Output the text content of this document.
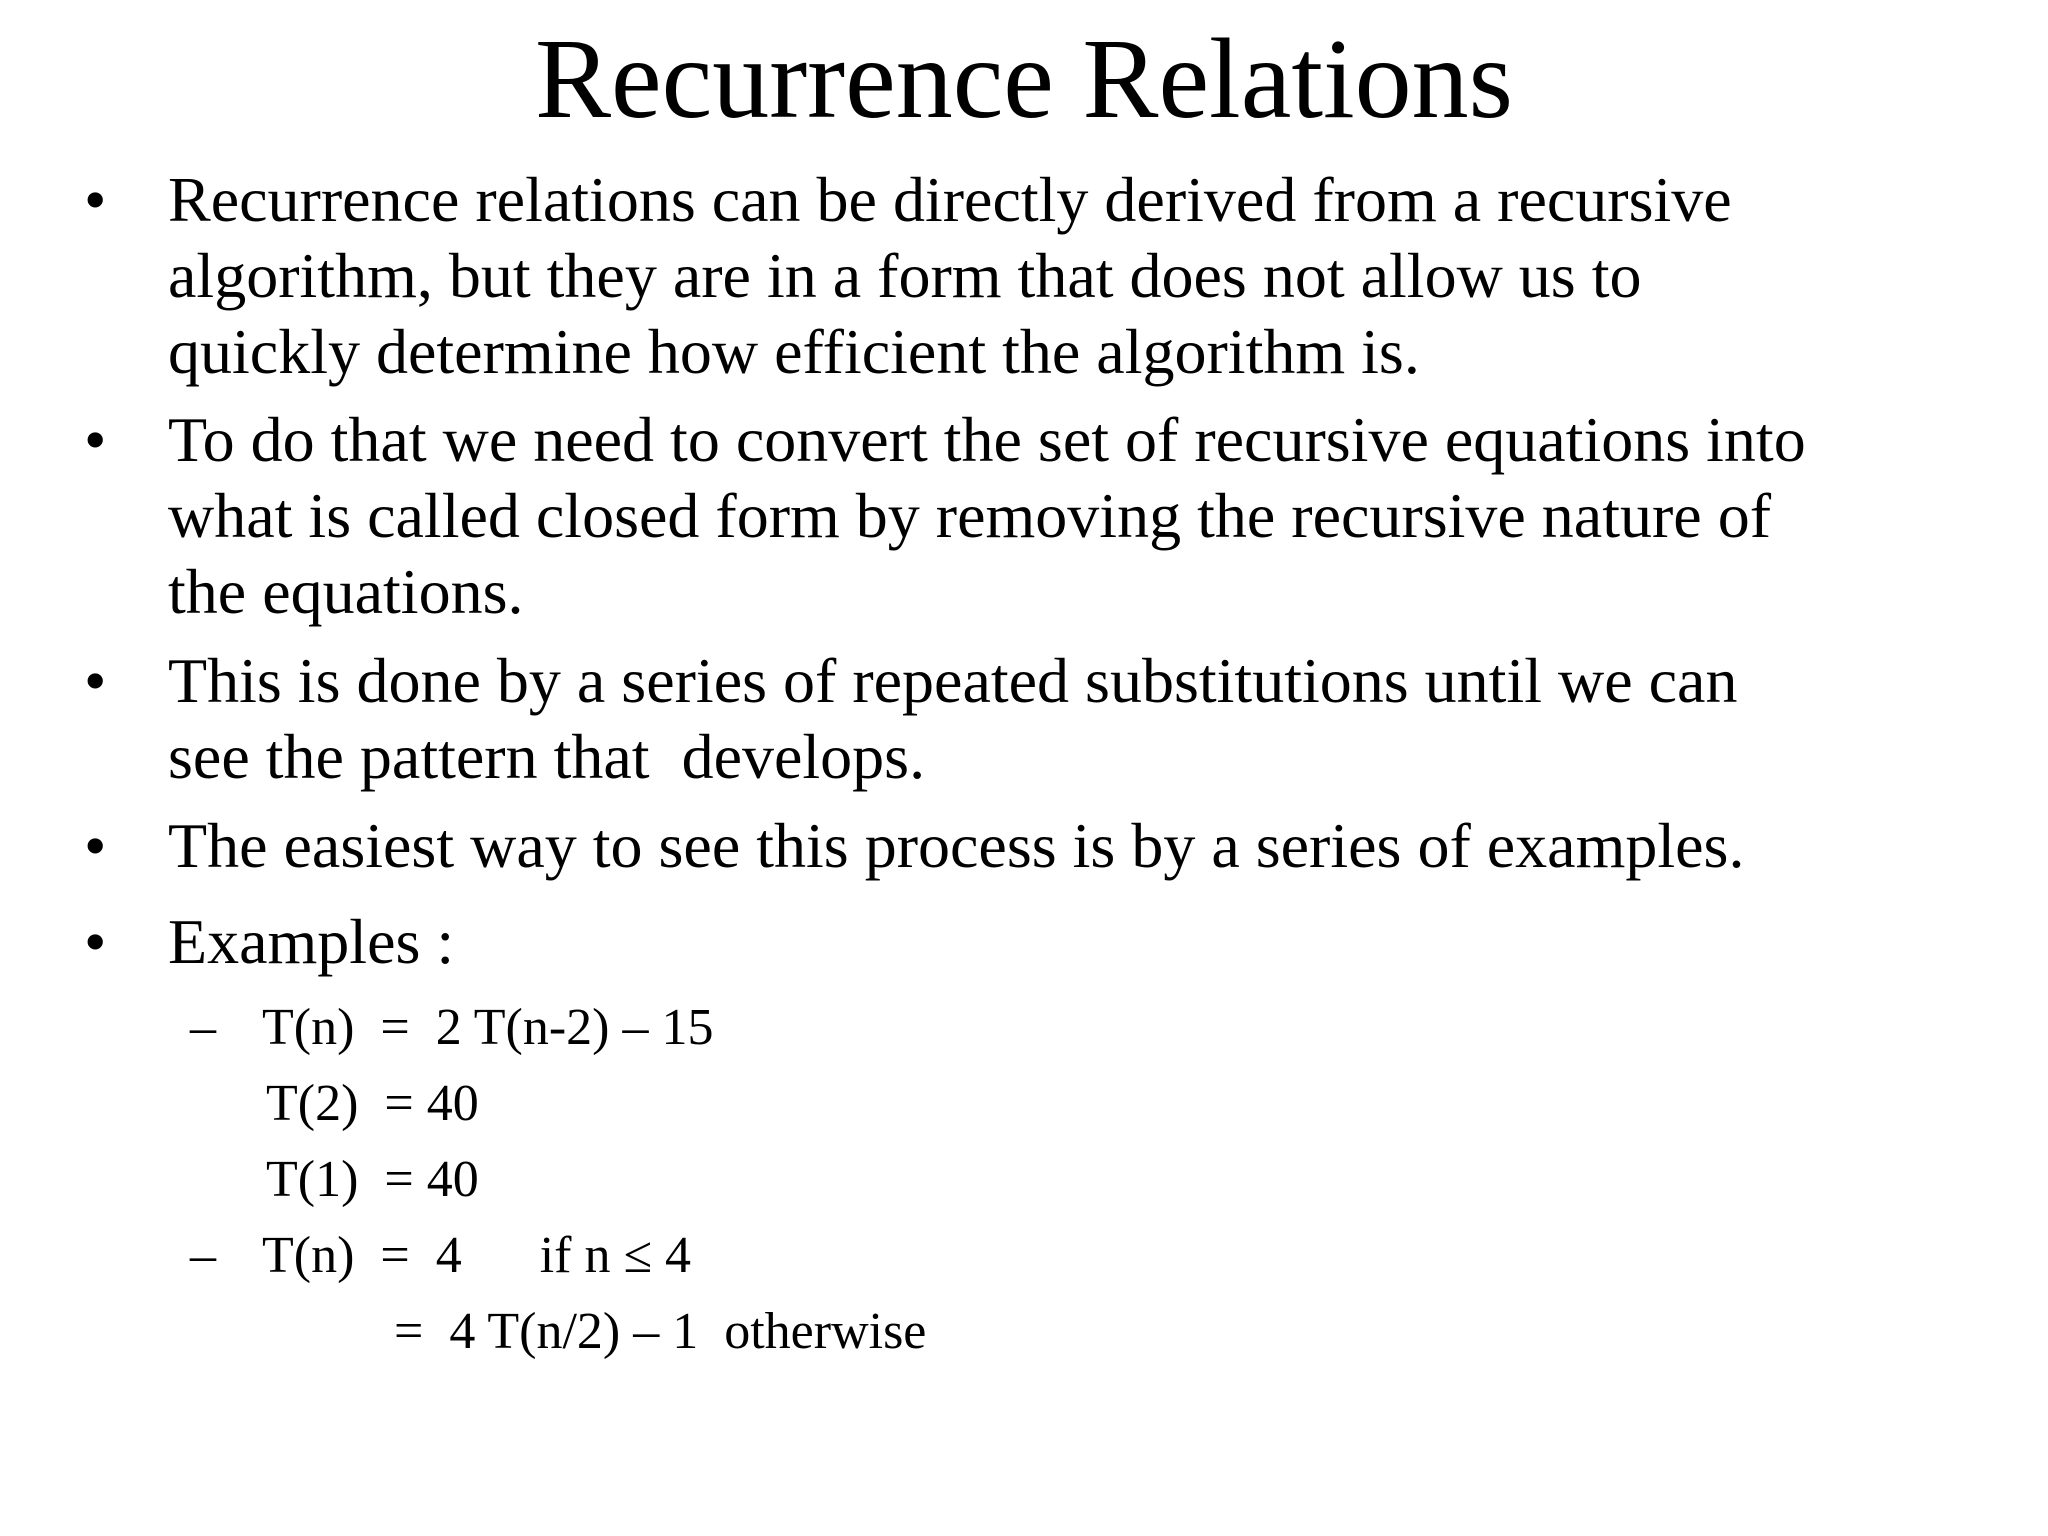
Recurrence Relations
• Recurrence relations can be directly derived from a recursive
algorithm, but they are in a form that does not allow us to
quickly determine how efficient the algorithm is.
• To do that we need to convert the set of recursive equations into
what is called closed form by removing the recursive nature of
the equations.
• This is done by a series of repeated substitutions until we can
see the pattern that  develops.
• The easiest way to see this process is by a series of examples.
• Examples :
– T(n)  =  2 T(n-2) – 15
T(2)  = 40
T(1)  = 40
– T(n)  =  4      if n ≤ 4
=  4 T(n/2) – 1  otherwise
